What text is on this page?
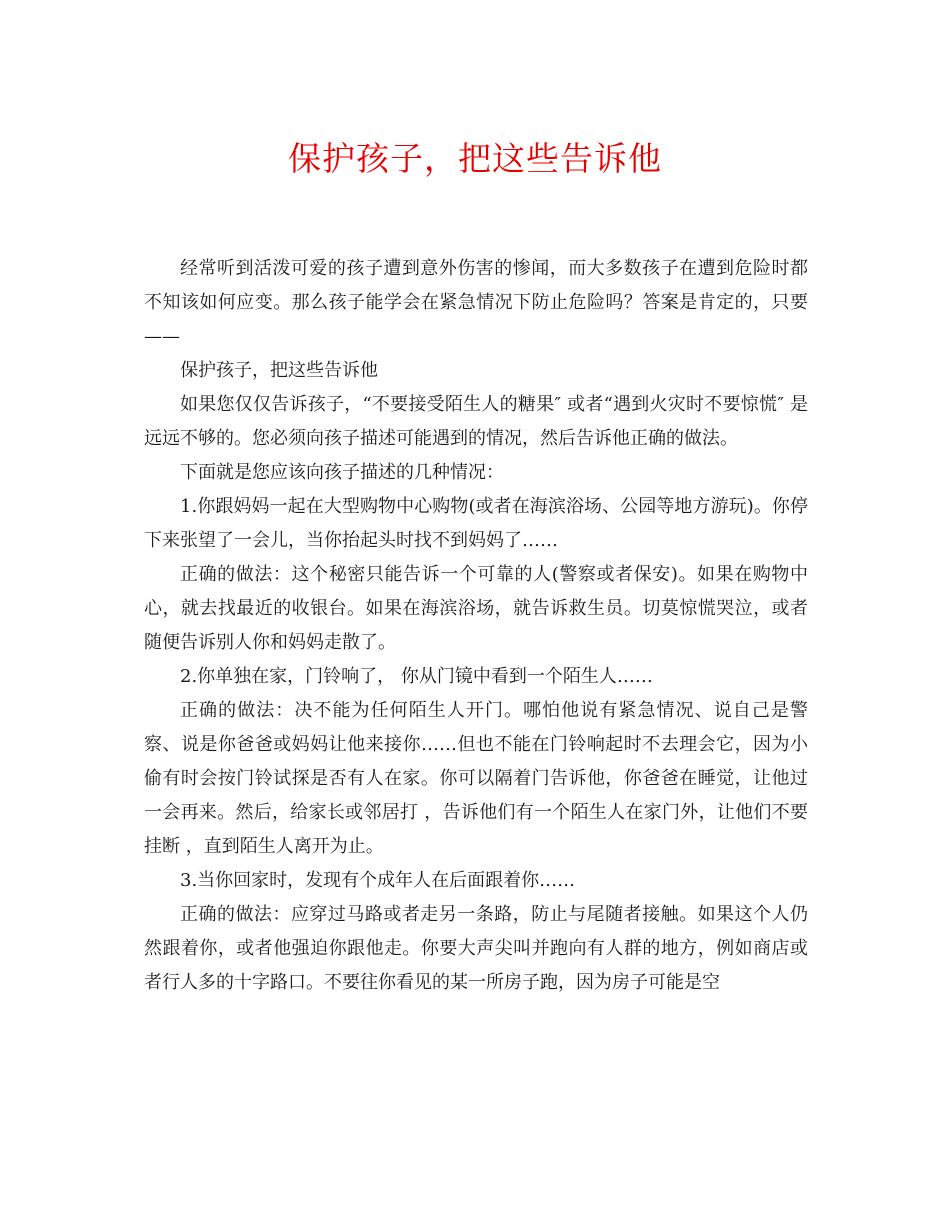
保护孩子，把这些告诉他

经常听到活泼可爱的孩子遭到意外伤害的惨闻，而大多数孩子在遭到危险时都不知该如何应变。那么孩子能学会在紧急情况下防止危险吗？答案是肯定的，只要——

保护孩子，把这些告诉他

如果您仅仅告诉孩子，“不要接受陌生人的糖果″ 或者“遇到火灾时不要惊慌″ 是远远不够的。您必须向孩子描述可能遇到的情况，然后告诉他正确的做法。

下面就是您应该向孩子描述的几种情况：

1.你跟妈妈一起在大型购物中心购物(或者在海滨浴场、公园等地方游玩)。你停下来张望了一会儿，当你抬起头时找不到妈妈了……

正确的做法：这个秘密只能告诉一个可靠的人(警察或者保安)。如果在购物中心，就去找最近的收银台。如果在海滨浴场，就告诉救生员。切莫惊慌哭泣，或者随便告诉别人你和妈妈走散了。

2.你单独在家，门铃响了， 你从门镜中看到一个陌生人……

正确的做法：决不能为任何陌生人开门。哪怕他说有紧急情况、说自己是警察、说是你爸爸或妈妈让他来接你……但也不能在门铃响起时不去理会它，因为小偷有时会按门铃试探是否有人在家。你可以隔着门告诉他，你爸爸在睡觉，让他过一会再来。然后，给家长或邻居打 ，告诉他们有一个陌生人在家门外，让他们不要挂断 ，直到陌生人离开为止。

3.当你回家时，发现有个成年人在后面跟着你……

正确的做法：应穿过马路或者走另一条路，防止与尾随者接触。如果这个人仍然跟着你，或者他强迫你跟他走。你要大声尖叫并跑向有人群的地方，例如商店或者行人多的十字路口。不要往你看见的某一所房子跑，因为房子可能是空
